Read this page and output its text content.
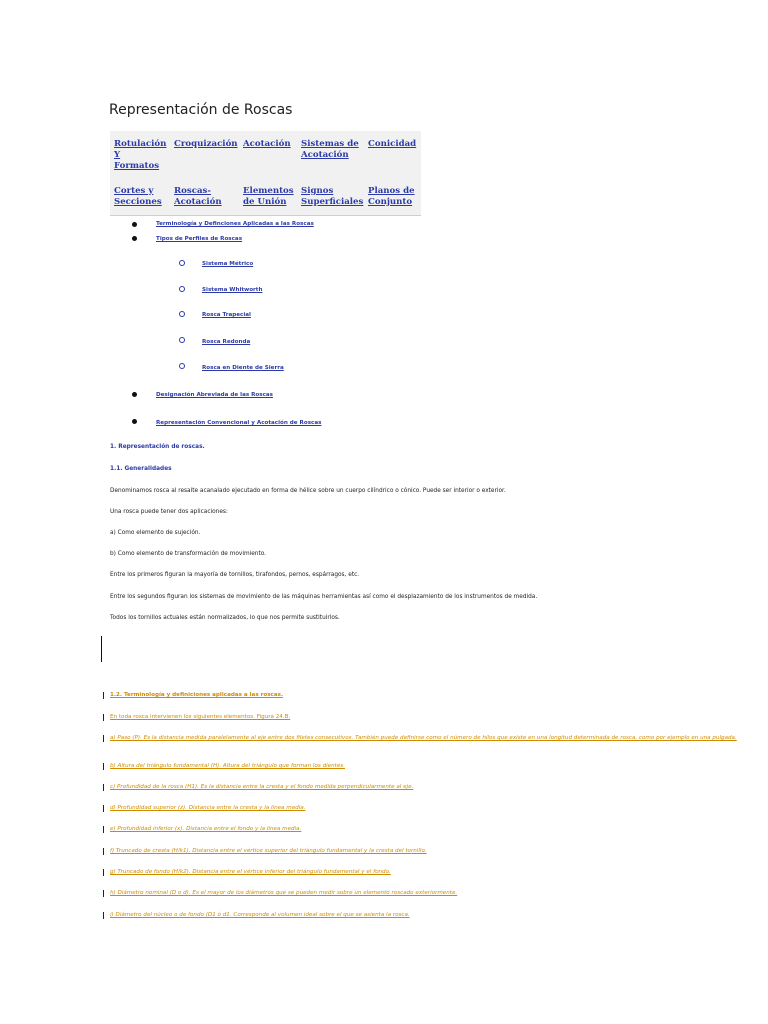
Representación de Roscas
Rotulación Y Formatos
Croquización Acotación	Sistemas de Acotación
Conicidad
Cortes y Secciones
Roscas-Acotación
Elementos de Unión
Signos Superficiales
Planos de Conjunto
Terminología y Definciones Aplicadas a las Roscas
Tipos de Perfiles de Roscas
Sistema Métrico
Sistema Whitworth
Rosca Trapecial
Rosca Redonda
Rosca en Diente de Sierra
Designación Abreviada de las Roscas
Representación Convencional y Acotación de Roscas
1. Representación de roscas.
1.1. Generalidades
Denominamos rosca al resalte acanalado ejecutado en forma de hélice sobre un cuerpo cilíndrico o cónico. Puede ser interior o exterior.
Una rosca puede tener dos aplicaciones:
a) Como elemento de sujeción.
b) Como elemento de transformación de movimiento.
Entre los primeros figuran la mayoría de tornillos, tirafondos, pernos, espárragos, etc.
Entre los segundos figuran los sistemas de movimiento de las máquinas herramientas así como el desplazamiento de los instrumentos de medida.
Todos los tornillos actuales están normalizados, lo que nos permite sustituirlos.
1.2. Terminología y definiciones aplicadas a las roscas.
En toda rosca intervienen los siguientes elementos. Figura 24.B.
a) Paso (P). Es la distancia medida paralelamente al eje entre dos filetes consecutivos. También puede definirse como el número de hilos que existe en una longitud determinada de rosca, como por ejemplo en una pulgada.
b) Altura del triángulo fundamental (H). Altura del triángulo que forman los dientes.
c) Profundidad de la rosca (H1). Es la distancia entre la cresta y el fondo medida perpendicularmente al eje.
d) Profundidad superior (z). Distancia entre la cresta y la línea media.
e) Profundidad inferior (x). Distancia entre el fondo y la línea media.
f) Truncado de cresta (H/k1). Distancia entre el vértice superior del triángulo fundamental y la cresta del tornillo.
g) Truncado de fondo (H/k2). Distancia entre el vértice inferior del triángulo fundamental y el fondo.
h) Diámetro nominal (D o d). Es el mayor de los diámetros que se pueden medir sobre un elemento roscado exteriormente.
i) Diámetro del núcleo o de fondo (D1 ó d1. Corresponde al volumen ideal sobre el que se asienta la rosca.
